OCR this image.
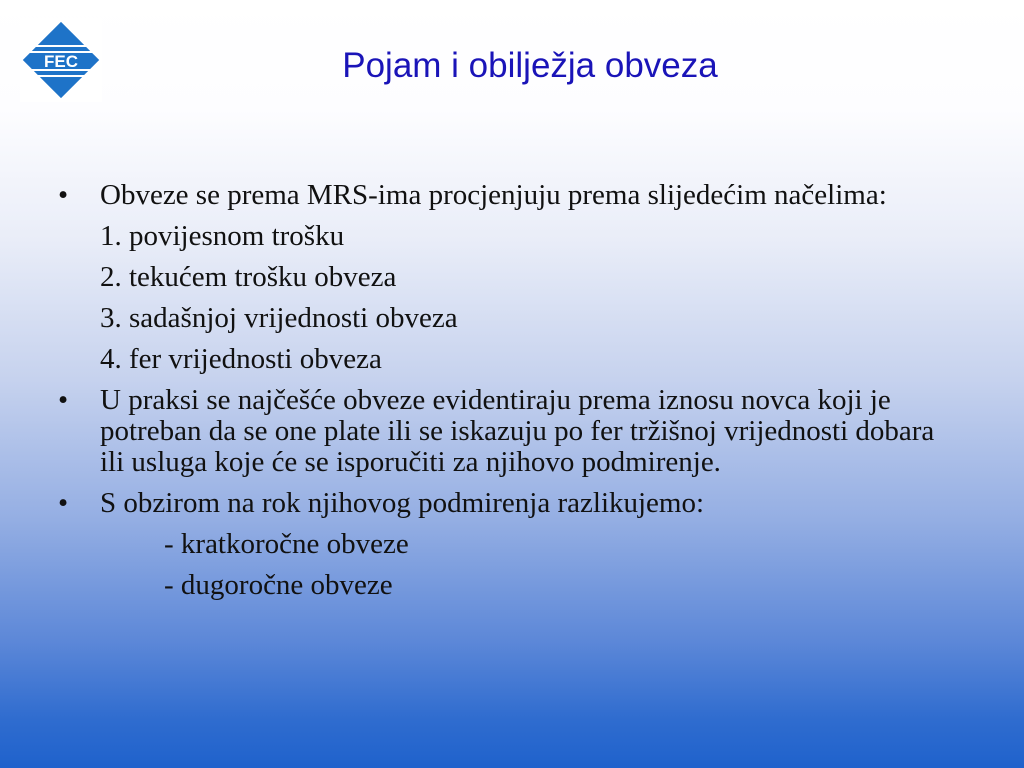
FEC	Pojam i obilježja obveza
• Obveze se prema MRS-ima procjenjuju prema slijedećim načelima:
1. povijesnom trošku
2. tekućem trošku obveza
3. sadašnjoj vrijednosti obveza
4. fer vrijednosti obveza
• U praksi se najčešće obveze evidentiraju prema iznosu novca koji je potreban da se one plate ili se iskazuju po fer tržišnoj vrijednosti dobara ili usluga koje će se isporučiti za njihovo podmirenje.
• S obzirom na rok njihovog podmirenja razlikujemo:
- kratkoročne obveze
- dugoročne obveze
